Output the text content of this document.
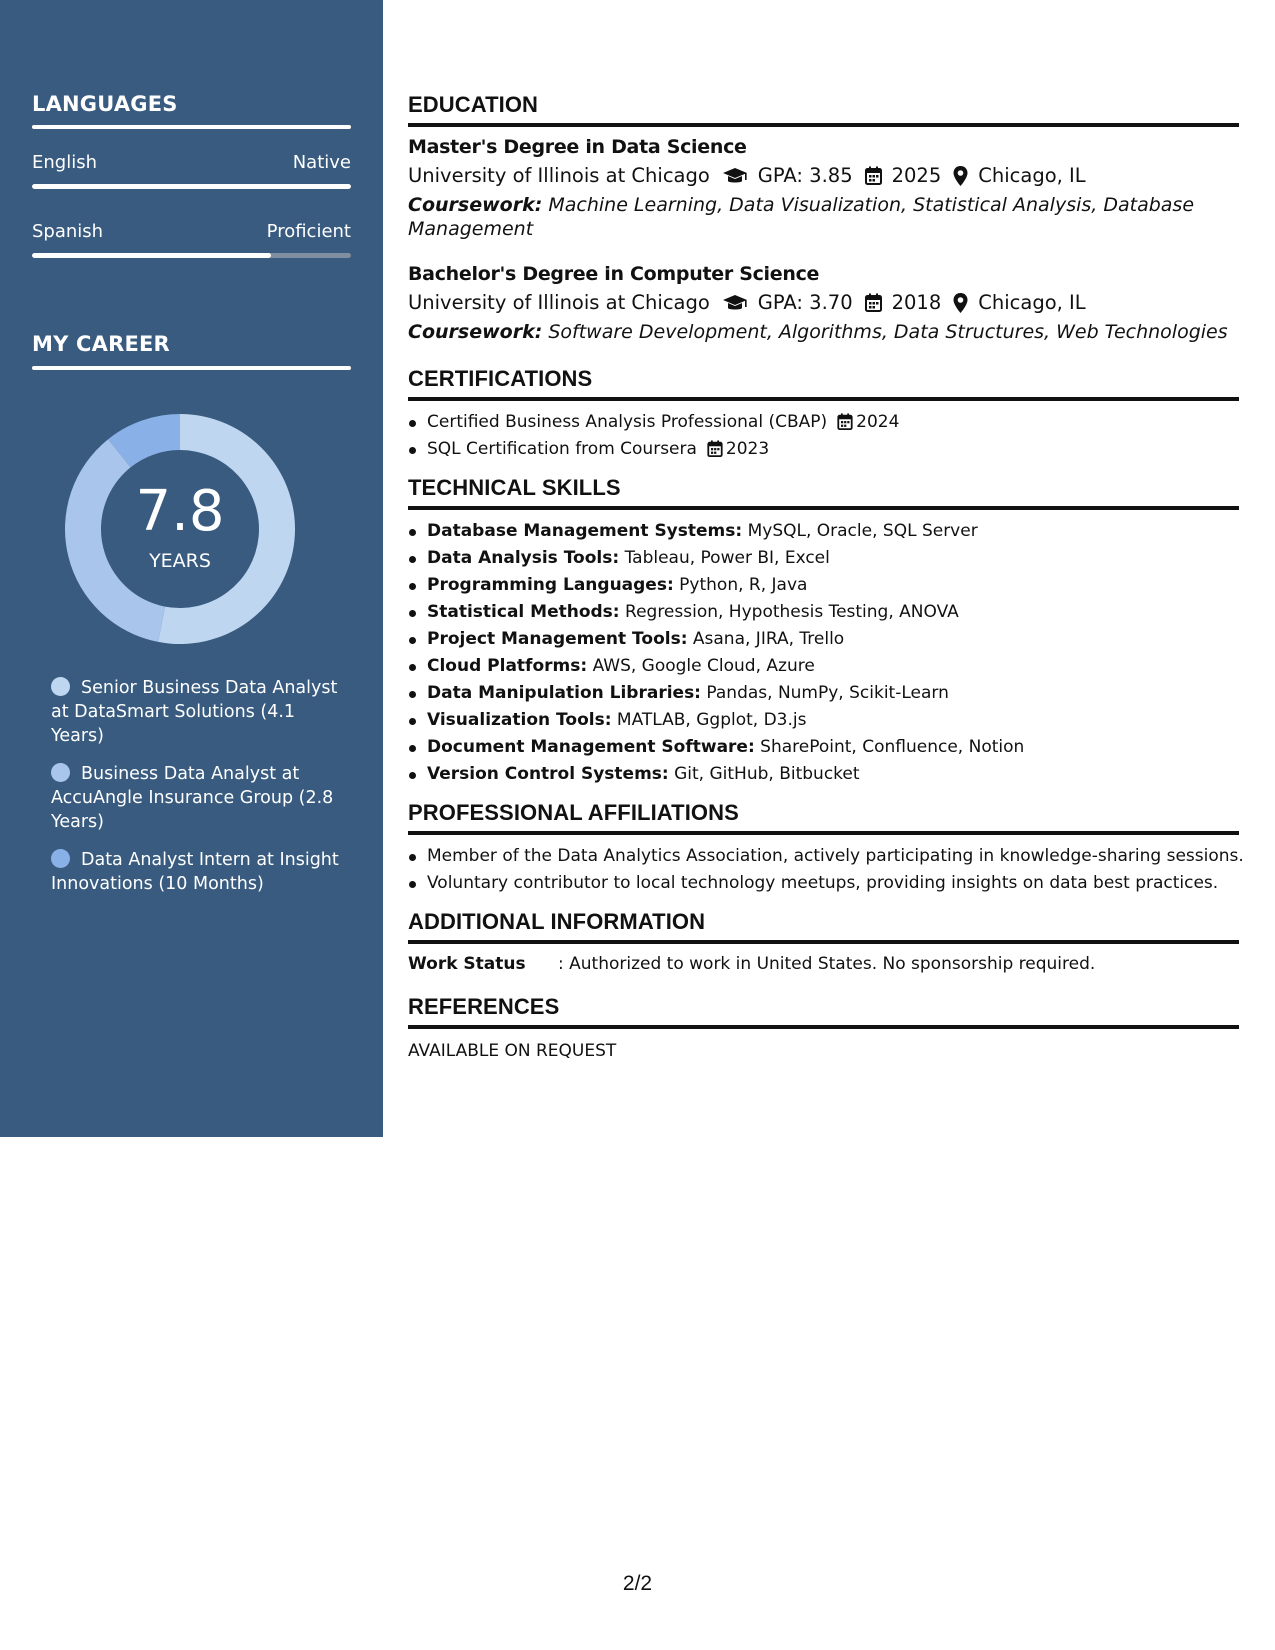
LANGUAGES
English	Native
Spanish	Proficient
MY CAREER
7.8
YEARS
Senior Business Data Analyst at DataSmart Solutions (4.1 Years)
Business Data Analyst at AccuAngle Insurance Group (2.8 Years)
Data Analyst Intern at Insight Innovations (10 Months)
EDUCATION
Master's Degree in Data Science
University of Illinois at Chicago GPA: 3.85 2025 Chicago, IL
Coursework: Machine Learning, Data Visualization, Statistical Analysis, Database Management
Bachelor's Degree in Computer Science
University of Illinois at Chicago GPA: 3.70 2018 Chicago, IL
Coursework: Software Development, Algorithms, Data Structures, Web Technologies
CERTIFICATIONS
Certified Business Analysis Professional (CBAP) 2024
SQL Certification from Coursera 2023
TECHNICAL SKILLS
Database Management Systems: MySQL, Oracle, SQL Server
Data Analysis Tools: Tableau, Power BI, Excel
Programming Languages: Python, R, Java
Statistical Methods: Regression, Hypothesis Testing, ANOVA
Project Management Tools: Asana, JIRA, Trello
Cloud Platforms: AWS, Google Cloud, Azure
Data Manipulation Libraries: Pandas, NumPy, Scikit-Learn
Visualization Tools: MATLAB, Ggplot, D3.js
Document Management Software: SharePoint, Confluence, Notion
Version Control Systems: Git, GitHub, Bitbucket
PROFESSIONAL AFFILIATIONS
Member of the Data Analytics Association, actively participating in knowledge-sharing sessions.
Voluntary contributor to local technology meetups, providing insights on data best practices.
ADDITIONAL INFORMATION
Work Status : Authorized to work in United States. No sponsorship required.
REFERENCES
AVAILABLE ON REQUEST
2/2
